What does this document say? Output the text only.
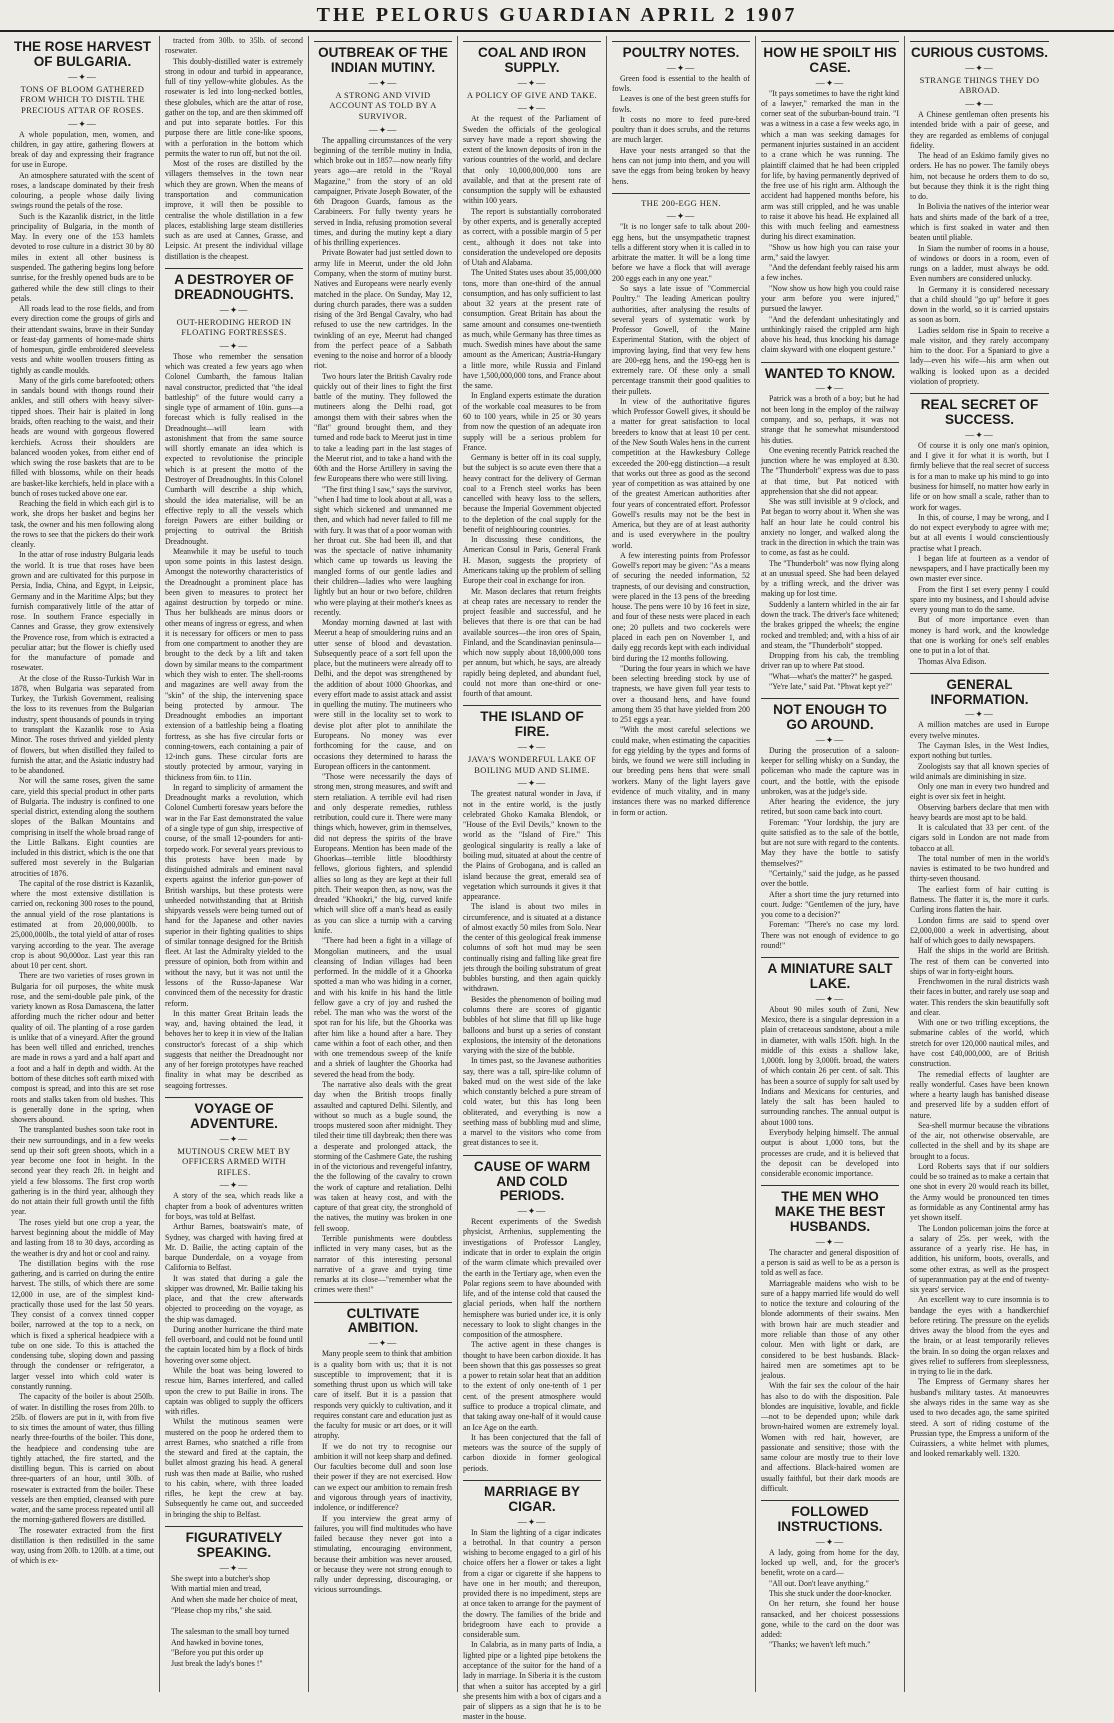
THE PELORUS GUARDIAN APRIL 2 1907
THE ROSE HARVEST OF BULGARIA.
—✦—
TONS OF BLOOM GATHERED FROM WHICH TO DISTIL THE PRECIOUS ATTAR OF ROSES.
—✦—

A whole population, men, women, and children, in gay attire, gathering flowers at break of day and expressing their fragrance for use in Europe.

An atmosphere saturated with the scent of roses, a landscape dominated by their fresh colouring, a people whose daily living swings round the petals of the rose.

Such is the Kazanlik district, in the little principality of Bulgaria, in the month of May. In every one of the 153 hamlets devoted to rose culture in a district 30 by 80 miles in extent all other business is suspended. The gathering begins long before sunrise, for the freshly opened buds are to be gathered while the dew still clings to their petals.

All roads lead to the rose fields, and from every direction come the groups of girls and their attendant swains, brave in their Sunday or feast-day garments of home-made shirts of homespun, girdle embroidered sleeveless vests and white woollen trousers fitting as tightly as candle moulds.

Many of the girls come barefooted; others in sandals bound with thongs round their ankles, and still others with heavy silver-tipped shoes. Their hair is plaited in long braids, often reaching to the waist, and their heads are wound with gorgeous flowered kerchiefs. Across their shoulders are balanced wooden yokes, from either end of which swing the rose baskets that are to be filled with blossoms, while on their heads are basket-like kerchiefs, held in place with a bunch of roses tucked above one ear.

Reaching the field in which each girl is to work, she drops her basket and begins her task, the owner and his men following along the rows to see that the pickers do their work cleanly.

In the attar of rose industry Bulgaria leads the world. It is true that roses have been grown and are cultivated for this purpose in Persia, India, China, and Egypt, in Leipsic, Germany and in the Maritime Alps; but they furnish comparatively little of the attar of rose. In southern France especially in Cannes and Grasse, they grow extensively the Provence rose, from which is extracted a peculiar attar; but the flower is chiefly used for the manufacture of pomade and rosewater.

At the close of the Russo-Turkish War in 1878, when Bulgaria was separated from Turkey, the Turkish Government, realising the loss to its revenues from the Bulgarian industry, spent thousands of pounds in trying to transplant the Kazanlik rose to Asia Minor. The roses thrived and yielded plenty of flowers, but when distilled they failed to furnish the attar, and the Asiatic industry had to be abandoned.

Nor will the same roses, given the same care, yield this special product in other parts of Bulgaria. The industry is confined to one special district, extending along the southern slopes of the Balkan Mountains and comprising in itself the whole broad range of the Little Balkans. Eight counties are included in this district, which is the one that suffered most severely in the Bulgarian atrocities of 1876.

The capital of the rose district is Kazanlik, where the most extensive distillation is carried on, reckoning 300 roses to the pound, the annual yield of the rose plantations is estimated at from 20,000,000lb. to 25,000,000lb., the total yield of attar of roses varying according to the year. The average crop is about 90,000oz. Last year this ran about 10 per cent. short.

There are two varieties of roses grown in Bulgaria for oil purposes, the white musk rose, and the semi-double pale pink, of the variety known as Rosa Damascena, the latter affording much the richer odour and better quality of oil. The planting of a rose garden is unlike that of a vineyard. After the ground has been well tilled and enriched, trenches are made in rows a yard and a half apart and a foot and a half in depth and width. At the bottom of these ditches soft earth mixed with compost is spread, and into this are set rose roots and stalks taken from old bushes. This is generally done in the spring, when showers abound.

The transplanted bushes soon take root in their new surroundings, and in a few weeks send up their soft green shoots, which in a year become one foot in height. In the second year they reach 2ft. in height and yield a few blossoms. The first crop worth gathering is in the third year, although they do not attain their full growth until the fifth year.

The roses yield but one crop a year, the harvest beginning about the middle of May and lasting from 18 to 30 days, according as the weather is dry and hot or cool and rainy.

The distillation begins with the rose gathering, and is carried on during the entire harvest. The stills, of which there are some 12,000 in use, are of the simplest kind-practically those used for the last 50 years. They consist of a convex tinned copper boiler, narrowed at the top to a neck, on which is fixed a spherical headpiece with a tube on one side. To this is attached the condensing tube, sloping down and passing through the condenser or refrigerator, a larger vessel into which cold water is constantly running.

The capacity of the boiler is about 250lb. of water. In distilling the roses from 20lb. to 25lb. of flowers are put in it, with from five to six times the amount of water, thus filling nearly three-fourths of the boiler. This done, the headpiece and condensing tube are tightly attached, the fire started, and the distilling begun. This is carried on about three-quarters of an hour, until 30lb. of rosewater is extracted from the boiler. These vessels are then emptied, cleansed with pure water, and the same process repeated until all the morning-gathered flowers are distilled.

The rosewater extracted from the first distillation is then redistilled in the same way, using from 20lb. to 120lb. at a time, out of which is ex-

tracted from 30lb. to 35lb. of second rosewater.

This doubly-distilled water is extremely strong in odour and turbid in appearance, full of tiny yellow-white globules. As the rosewater is led into long-necked bottles, these globules, which are the attar of rose, gather on the top, and are then skimmed off and put into separate bottles. For this purpose there are little cone-like spoons, with a perforation in the bottom which permits the water to run off, but not the oil.

Most of the roses are distilled by the villagers themselves in the town near which they are grown. When the means of transportation and communication improve, it will then be possible to centralise the whole distillation in a few places, establishing large steam distilleries such as are used at Cannes, Grasse, and Leipsic. At present the individual village distillation is the cheapest.

A DESTROYER OF DREADNOUGHTS.
—✦—
OUT-HERODING HEROD IN FLOATING FORTRESSES.
—✦—

Those who remember the sensation which was created a few years ago when Colonel Cumbarth, the famous Italian naval constructor, predicted that "the ideal battleship" of the future would carry a single type of armament of 10in. guns—a forecast which is fully realised in the Dreadnought—will learn with astonishment that from the same source will shortly emanate an idea which is expected to revolutionise the principle which is at present the motto of the Destroyer of Dreadnoughts. In this Colonel Cumbarth will describe a ship which, should the idea materialise, will be an effective reply to all the vessels which foreign Powers are either building or projecting to outrival the British Dreadnought.

Meanwhile it may be useful to touch upon some points in this lastest design. Amongst the noteworthy characteristics of the Dreadnought a prominent place has been given to measures to protect her against destruction by torpedo or mine. Thus her bulkheads are minus doors or other means of ingress or egress, and when it is necessary for officers or men to pass from one compartment to another they are brought to the deck by a lift and taken down by similar means to the compartment which they wish to enter. The shell-rooms and magazines are well away from the "skin" of the ship, the intervening space being protected by armour. The Dreadnought embodies an important extension of a battleship being a floating fortress, as she has five circular forts or conning-towers, each containing a pair of 12-inch guns. These circular forts are stoutly protected by armour, varying in thickness from 6in. to 11in.

In regard to simplicity of armament the Dreadnought marks a revolution, which Colonel Cumberti foresaw years before the war in the Far East demonstrated the value of a single type of gun ship, irrespective of course, of the small 12-pounders for anti-torpedo work. For several years previous to this protests have been made by distinguished admirals and eminent naval experts against the inferior gun-power of British warships, but these protests were unheeded notwithstanding that at British shipyards vessels were being turned out of hand for the Japanese and other navies superior in their fighting qualities to ships of similar tonnage designed for the British fleet. At last the Admiralty yielded to the pressure of opinion, both from within and without the navy, but it was not until the lessons of the Russo-Japanese War convinced them of the necessity for drastic reform.

In this matter Great Britain leads the way, and, having obtained the lead, it behoves her to keep it in view of the Italian constructor's forecast of a ship which suggests that neither the Dreadnought nor any of her foreign prototypes have reached finality in what may be described as seagoing fortresses.

VOYAGE OF ADVENTURE.
—✦—
MUTINOUS CREW MET BY OFFICERS ARMED WITH RIFLES.
—✦—

A story of the sea, which reads like a chapter from a book of adventures written for boys, was told at Belfast.

Arthur Barnes, boatswain's mate, of Sydney, was charged with having fired at Mr. D. Bailie, the acting captain of the barque Dunderdale, on a voyage from California to Belfast.

It was stated that during a gale the skipper was drowned, Mr. Bailie taking his place, and that the crew afterwards objected to proceeding on the voyage, as the ship was damaged.

During another hurricane the third mate fell overboard, and could not be found until the captain located him by a flock of birds hovering over some object.

While the boat was being lowered to rescue him, Barnes interfered, and called upon the crew to put Bailie in irons. The captain was obliged to supply the officers with rifles.

Whilst the mutinous seamen were mustered on the poop he ordered them to arrest Barnes, who snatched a rifle from the steward and fired at the captain, the bullet almost grazing his head. A general rush was then made at Bailie, who rushed to his cabin, where, with three loaded rifles, he kept the crew at bay. Subsequently he came out, and succeeded in bringing the ship to Belfast.

FIGURATIVELY SPEAKING.
—✦—
She swept into a butcher's shop
With martial mien and tread,
And when she made her choice of meat,
"Please chop my ribs," she said.

The salesman to the small boy turned
And hawked in bovine tones,
"Before you put this order up
Just break the lady's bones !"
OUTBREAK OF THE INDIAN MUTINY.
—✦—
A STRONG AND VIVID ACCOUNT AS TOLD BY A SURVIVOR.
—✦—

The appalling circumstances of the very beginning of the terrible mutiny in India, which broke out in 1857—now nearly fifty years ago—are retold in the "Royal Magazine," from the story of an old campaigner, Private Joseph Bowater, of the 6th Dragoon Guards, famous as the Carabineers. For fully twenty years he served in India, refusing promotion several times, and during the mutiny kept a diary of his thrilling experiences.

Private Bowater had just settled down to army life in Meerut, under the old John Company, when the storm of mutiny burst. Natives and Europeans were nearly evenly matched in the place. On Sunday, May 12, during church parades, there was a sudden rising of the 3rd Bengal Cavalry, who had refused to use the new cartridges. In the twinkling of an eye, Meerut had changed from the perfect peace of a Sabbath evening to the noise and horror of a bloody riot.

Two hours later the British Cavalry rode quickly out of their lines to fight the first battle of the mutiny. They followed the mutineers along the Delhi road, got amongst them with their sabres when the "flat" ground brought them, and they turned and rode back to Meerut just in time to take a leading part in the last stages of the Meerut riot, and to take a hand with the 60th and the Horse Artillery in saving the few Europeans there who were still living.

"The first thing I saw," says the survivor, "when I had time to look about at all, was a sight which sickened and unmanned me then, and which had never failed to fill me with fury. It was that of a poor woman with her throat cut. She had been ill, and that was the spectacle of native inhumanity which came up towards us leaving the mangled forms of our gentle ladies and their children—ladies who were laughing lightly but an hour or two before, children who were playing at their mother's knees as recently.

Monday morning dawned at last with Meerut a heap of smouldering ruins and an utter sense of blood and devastation. Subsequently peace of a sort fell upon the place, but the mutineers were already off to Delhi, and the depot was strengthened by the addition of about 1000 Ghoorkas, and every effort made to assist attack and assist in quelling the mutiny. The mutineers who were still in the locality set to work to devise plot after plot to annihilate the Europeans. No money was ever forthcoming for the cause, and on occasions they determined to harass the European officers in the cantonment.

"Those were necessarily the days of strong men, strong measures, and swift and stern retaliation. A terrible evil had risen and only desperate remedies, ruthless retribution, could cure it. There were many things which, however, grim in themselves, did not depress the spirits of the brave Europeans. Mention has been made of the Ghoorkas—terrible little bloodthirsty fellows, glorious fighters, and splendid allies so long as they are kept at their full pitch. Their weapon then, as now, was the dreaded "Khookri," the big, curved knife which will slice off a man's head as easily as you can slice a turnip with a carving knife.

"There had been a fight in a village of Mongolian mutineers, and the usual cleansing of Indian villages had been performed. In the middle of it a Ghoorka spotted a man who was hiding in a corner, and with his knife in his hand the little fellow gave a cry of joy and rushed the rebel. The man who was the worst of the spot ran for his life, but the Ghoorka was after him like a hound after a hare. They came within a foot of each other, and then with one tremendous sweep of the knife and a shriek of laughter the Ghoorka had severed the head from the body.

The narrative also deals with the great day when the British troops finally assaulted and captured Delhi. Silently, and without so much as a bugle sound, the troops mustered soon after midnight. They tiled their time till daybreak; then there was a desperate and prolonged attack, the storming of the Cashmere Gate, the rushing in of the victorious and revengeful infantry, the the following of the cavalry to crown the work of capture and retaliation. Delhi was taken at heavy cost, and with the capture of that great city, the stronghold of the natives, the mutiny was broken in one fell swoop.

Terrible punishments were doubtless inflicted in very many cases, but as the narrator of this interesting personal narrative of a grave and trying time remarks at its close—"remember what the crimes were then!"

CULTIVATE AMBITION.
—✦—

Many people seem to think that ambition is a quality born with us; that it is not susceptible to improvement; that it is something thrust upon us which will take care of itself. But it is a passion that responds very quickly to cultivation, and it requires constant care and education just as the faculty for music or art does, or it will atrophy.

If we do not try to recognise our ambition it will not keep sharp and defined. Our faculties become dull and soon lose their power if they are not exercised. How can we expect our ambition to remain fresh and vigorous through years of inactivity, indolence, or indifference?

If you interview the great army of failures, you will find multitudes who have failed because they never got into a stimulating, encouraging environment, because their ambition was never aroused, or because they were not strong enough to rally under depressing, discouraging, or vicious surroundings.

COAL AND IRON SUPPLY.
—✦—
A POLICY OF GIVE AND TAKE.
—✦—

At the request of the Parliament of Sweden the officials of the geological survey have made a report showing the extent of the known deposits of iron in the various countries of the world, and declare that only 10,000,000,000 tons are available, and that at the present rate of consumption the supply will be exhausted within 100 years.

The report is substantially corroborated by other experts, and is generally accepted as correct, with a possible margin of 5 per cent., although it does not take into consideration the undeveloped ore deposits of Utah and Alabama.

The United States uses about 35,000,000 tons, more than one-third of the annual consumption, and has only sufficient to last about 32 years at the present rate of consumption. Great Britain has about the same amount and consumes one-twentieth as much, while Germany has three times as much. Swedish mines have about the same amount as the American; Austria-Hungary a little more, while Russia and Finland have 1,500,000,000 tons, and France about the same.

In England experts estimate the duration of the workable coal measures to be from 60 to 100 years, while in 25 or 30 years from now the question of an adequate iron supply will be a serious problem for France.

Germany is better off in its coal supply, but the subject is so acute even there that a heavy contract for the delivery of German coal to a French steel works has been cancelled with heavy loss to the sellers, because the Imperial Government objected to the depletion of the coal supply for the benefit of neighbouring countries.

In discussing these conditions, the American Consul in Paris, General Frank H. Mason, suggests the propriety of Americans taking up the problem of selling Europe their coal in exchange for iron.

Mr. Mason declares that return freights at cheap rates are necessary to render the project feasible and successful, and he believes that there is ore that can be had available sources—the iron ores of Spain, Finland, and the Scandinavian peninsula—which now supply about 18,000,000 tons per annum, but which, he says, are already rapidly being depleted, and abundant fuel, could not more than one-third or one-fourth of that amount.

THE ISLAND OF FIRE.
—✦—
JAVA'S WONDERFUL LAKE OF BOILING MUD AND SLIME.
—✦—

The greatest natural wonder in Java, if not in the entire world, is the justly celebrated Ghoko Kamaka Blendok, or "House of the Evil Devils," known to the world as the "Island of Fire." This geological singularity is really a lake of boiling mud, situated at about the centre of the Plains of Grobogana, and is called an island because the great, emerald sea of vegetation which surrounds it gives it that appearance.

The island is about two miles in circumference, and is situated at a distance of almost exactly 50 miles from Solo. Near the center of this geological freak immense columns of soft hot mud may be seen continually rising and falling like great fire jets through the boiling substratum of great bubbles bursting, and then again quickly withdrawn.

Besides the phenomenon of boiling mud columns there are scores of gigantic bubbles of hot slime that fill up like huge balloons and burst up a series of constant explosions, the intensity of the detonations varying with the size of the bubble.

In times past, so the Javanese authorities say, there was a tall, spire-like column of baked mud on the west side of the lake which constantly belched a pure stream of cold water, but this has long been obliterated, and everything is now a seething mass of bubbling mud and slime, a marvel to the visitors who come from great distances to see it.

CAUSE OF WARM AND COLD PERIODS.
—✦—

Recent experiments of the Swedish physicist, Arrhenius, supplementing the investigations of Professor Langley, indicate that in order to explain the origin of the warm climate which prevailed over the earth in the Tertiary age, when even the Polar regions seem to have abounded with life, and of the intense cold that caused the glacial periods, when half the northern hemisphere was buried under ice, it is only necessary to look to slight changes in the composition of the atmosphere.

The active agent in these changes is thought to have been carbon dioxide. It has been shown that this gas possesses so great a power to retain solar heat that an addition to the extent of only one-tenth of 1 per cent. of the present atmosphere would suffice to produce a tropical climate, and that taking away one-half of it would cause an Ice Age on the earth.

It has been conjectured that the fall of meteors was the source of the supply of carbon dioxide in former geological periods.

MARRIAGE BY CIGAR.
—✦—

In Siam the lighting of a cigar indicates a betrothal. In that country a person wishing to become engaged to a girl of his choice offers her a flower or takes a light from a cigar or cigarette if she happens to have one in her mouth; and thereupon, provided there is no impediment, steps are at once taken to arrange for the payment of the dowry. The families of the bride and bridegroom have each to provide a considerable sum.

In Calabria, as in many parts of India, a lighted pipe or a lighted pipe betokens the acceptance of the suitor for the hand of a lady in marriage. In Siberia it is the custom that when a suitor has accepted by a girl she presents him with a box of cigars and a pair of slippers as a sign that he is to be master in the house.

POULTRY NOTES.
—✦—

Green food is essential to the health of fowls.

Leaves is one of the best green stuffs for fowls.

It costs no more to feed pure-bred poultry than it does scrubs, and the returns are much larger.

Have your nests arranged so that the hens can not jump into them, and you will save the eggs from being broken by heavy hens.

THE 200-EGG HEN.
—✦—

"It is no longer safe to talk about 200-egg hens, but the unsympathetic trapnest tells a different story when it is called in to arbitrate the matter. It will be a long time before we have a flock that will average 200 eggs each in any one year."

So says a late issue of "Commercial Poultry." The leading American poultry authorities, after analysing the results of several years of systematic work by Professor Gowell, of the Maine Experimental Station, with the object of improving laying, find that very few hens are 200-egg hens, and the 190-egg hen is extremely rare. Of these only a small percentage transmit their good qualities to their pullets.

In view of the authoritative figures which Professor Gowell gives, it should be a matter for great satisfaction to local breeders to know that at least 10 per cent. of the New South Wales hens in the current competition at the Hawkesbury College exceeded the 200-egg distinction—a result that works out three as good as the second year of competition as was attained by one of the greatest American authorities after four years of concentrated effort. Professor Gowell's results may not be the best in America, but they are of at least authority and is used everywhere in the poultry world.

A few interesting points from Professor Gowell's report may be given: "As a means of securing the needed information, 52 trapnests, of our devising and construction, were placed in the 13 pens of the breeding house. The pens were 10 by 16 feet in size, and four of these nests were placed in each one; 20 pullets and two cockerels were placed in each pen on November 1, and daily egg records kept with each individual bird during the 12 months following.

"During the four years in which we have been selecting breeding stock by use of trapnests, we have given full year tests to over a thousand hens, and have found among them 35 that have yielded from 200 to 251 eggs a year.

"With the most careful selections we could make, when estimating the capacities for egg yielding by the types and forms of birds, we found we were still including in our breeding pens hens that were small workers. Many of the light layers gave evidence of much vitality, and in many instances there was no marked difference in form or action.

HOW HE SPOILT HIS CASE.
—✦—

"It pays sometimes to have the right kind of a lawyer," remarked the man in the corner seat of the suburban-bound train. "I was a witness in a case a few weeks ago, in which a man was seeking damages for permanent injuries sustained in an accident to a crane which he was running. The plaintiff claimed that he had been crippled for life, by having permanently deprived of the free use of his right arm. Although the accident had happened months before, his arm was still crippled, and he was unable to raise it above his head. He explained all this with much feeling and earnestness during his direct examination.

"Show us how high you can raise your arm," said the lawyer.

"And the defendant feebly raised his arm a few inches.

"Now show us how high you could raise your arm before you were injured," pursued the lawyer.

"And the defendant unhesitatingly and unthinkingly raised the crippled arm high above his head, thus knocking his damage claim skyward with one eloquent gesture."

WANTED TO KNOW.
—✦—

Patrick was a broth of a boy; but he had not been long in the employ of the railway company, and so, perhaps, it was not strange that he somewhat misunderstood his duties.

One evening recently Patrick reached the junction where he was employed at 8.30. The "Thunderbolt" express was due to pass at that time, but Pat noticed with apprehension that she did not appear.

She was still invisible at 9 o'clock, and Pat began to worry about it. When she was half an hour late he could control his anxiety no longer, and walked along the track in the direction in which the train was to come, as fast as he could.

The "Thunderbolt" was now flying along at an unusual speed. She had been delayed by a trifling wreck, and the driver was making up for lost time.

Suddenly a lantern whirled in the air far down the track. The driver's face whitened; the brakes gripped the wheels; the engine rocked and trembled; and, with a hiss of air and steam, the "Thunderbolt" stopped.

Dropping from his cab, the trembling driver ran up to where Pat stood.

"What—what's the matter?" he gasped.

"Ye're late," said Pat. "Phwat kept ye?"

NOT ENOUGH TO GO AROUND.
—✦—

During the prosecution of a saloon-keeper for selling whisky on a Sunday, the policeman who made the capture was in court, and the bottle, with the episode unbroken, was at the judge's side.

After hearing the evidence, the jury retired, but soon came back into court.

Foreman: "Your lordship, the jury are quite satisfied as to the sale of the bottle, but are not sure with regard to the contents. May they have the bottle to satisfy themselves?"

"Certainly," said the judge, as he passed over the bottle.

After a short time the jury returned into court. Judge: "Gentlemen of the jury, have you come to a decision?"

Foreman: "There's no case my lord. There was not enough of evidence to go round!"

A MINIATURE SALT LAKE.
—✦—

About 90 miles south of Zuni, New Mexico, there is a singular depression in a plain of cretaceous sandstone, about a mile in diameter, with walls 150ft. high. In the middle of this exists a shallow lake, 1,000ft. long by 3,000ft. broad, the waters of which contain 26 per cent. of salt. This has been a source of supply for salt used by Indians and Mexicans for centuries, and lately the salt has been hauled to surrounding ranches. The annual output is about 1000 tons.

Everybody helping himself. The annual output is about 1,000 tons, but the processes are crude, and it is believed that the deposit can be developed into considerable economic importance.

THE MEN WHO MAKE THE BEST HUSBANDS.
—✦—

The character and general disposition of a person is said as well to be as a person is told as well as face.

Marriageable maidens who wish to be sure of a happy married life would do well to notice the texture and colouring of the blonde adornments of their swains. Men with brown hair are much steadier and more reliable than those of any other colour. Men with light or dark, are considered to be best husbands. Black-haired men are sometimes apt to be jealous.

With the fair sex the colour of the hair has also to do with the disposition. Pale blondes are inquisitive, lovable, and fickle—not to be depended upon; while dark brown-haired women are extremely loyal. Women with red hair, however, are passionate and sensitive; those with the same colour are mostly true to their love and affections. Black-haired women are usually faithful, but their dark moods are difficult.

FOLLOWED INSTRUCTIONS.
—✦—

A lady, going from home for the day, locked up well, and, for the grocer's benefit, wrote on a card—

"All out. Don't leave anything."

This she stuck under the door-knocker.

On her return, she found her house ransacked, and her choicest possessions gone, while to the card on the door was added:

"Thanks; we haven't left much."

CURIOUS CUSTOMS.
—✦—
STRANGE THINGS THEY DO ABROAD.
—✦—

A Chinese gentleman often presents his intended bride with a pair of geese, and they are regarded as emblems of conjugal fidelity.

The head of an Eskimo family gives no orders. He has no power. The family obeys him, not because he orders them to do so, but because they think it is the right thing to do.

In Bolivia the natives of the interior wear hats and shirts made of the bark of a tree, which is first soaked in water and then beaten until pliable.

In Siam the number of rooms in a house, of windows or doors in a room, even of rungs on a ladder, must always be odd. Even numbers are considered unlucky.

In Germany it is considered necessary that a child should "go up" before it goes down in the world, so it is carried upstairs as soon as born.

Ladies seldom rise in Spain to receive a male visitor, and they rarely accompany him to the door. For a Spaniard to give a lady—even his wife—his arm when out walking is looked upon as a decided violation of propriety.

REAL SECRET OF SUCCESS.
—✦—

Of course it is only one man's opinion, and I give it for what it is worth, but I firmly believe that the real secret of success is for a man to make up his mind to go into business for himself, no matter how early in life or on how small a scale, rather than to work for wages.

In this, of course, I may be wrong, and I do not expect everybody to agree with me; but at all events I would conscientiously practise what I preach.

I began life at fourteen as a vendor of newspapers, and I have practically been my own master ever since.

From the first I set every penny I could spare into my business, and I should advise every young man to do the same.

But of more importance even than money is hard work, and the knowledge that one is working for one's self enables one to put in a lot of that.

Thomas Alva Edison.

GENERAL INFORMATION.
—✦—

A million matches are used in Europe every twelve minutes.

The Cayman Isles, in the West Indies, export nothing but turtles.

Zoologists say that all known species of wild animals are diminishing in size.

Only one man in every two hundred and eight is over six feet in height.

Observing barbers declare that men with heavy beards are most apt to be bald.

It is calculated that 33 per cent. of the cigars sold in London are not made from tobacco at all.

The total number of men in the world's navies is estimated to be two hundred and thirty-seven thousand.

The earliest form of hair cutting is flatness. The flatter it is, the more it curls. Curling irons flatten the hair.

London firms are said to spend over £2,000,000 a week in advertising, about half of which goes to daily newspapers.

Half the ships in the world are British. The rest of them can be converted into ships of war in forty-eight hours.

Frenchwomen in the rural districts wash their faces in butter, and rarely use soap and water. This renders the skin beautifully soft and clear.

With one or two trifling exceptions, the submarine cables of the world, which stretch for over 120,000 nautical miles, and have cost £40,000,000, are of British construction.

The remedial effects of laughter are really wonderful. Cases have been known where a hearty laugh has banished disease and preserved life by a sudden effort of nature.

Sea-shell murmur because the vibrations of the air, not otherwise observable, are collected in the shell and by its shape are brought to a focus.

Lord Roberts says that if our soldiers could be so trained as to make a certain that one shot in every 20 would reach its billet, the Army would be pronounced ten times as formidable as any Continental army has yet shown itself.

The London policeman joins the force at a salary of 25s. per week, with the assurance of a yearly rise. He has, in addition, his uniform, boots, overalls, and some other extras, as well as the prospect of superannuation pay at the end of twenty-six years' service.

An excellent way to cure insomnia is to bandage the eyes with a handkerchief before retiring. The pressure on the eyelids drives away the blood from the eyes and the brain, or at least temporarily relieves the brain. In so doing the organ relaxes and gives relief to sufferers from sleeplessness, in trying to lie in the dark.

The Empress of Germany shares her husband's military tastes. At manoeuvres she always rides in the same way as she used to two decades ago, the same spirited steed. A sort of riding costume of the Prussian type, the Empress a uniform of the Cuirassiers, a white helmet with plumes, and looked remarkably well. 1320.
